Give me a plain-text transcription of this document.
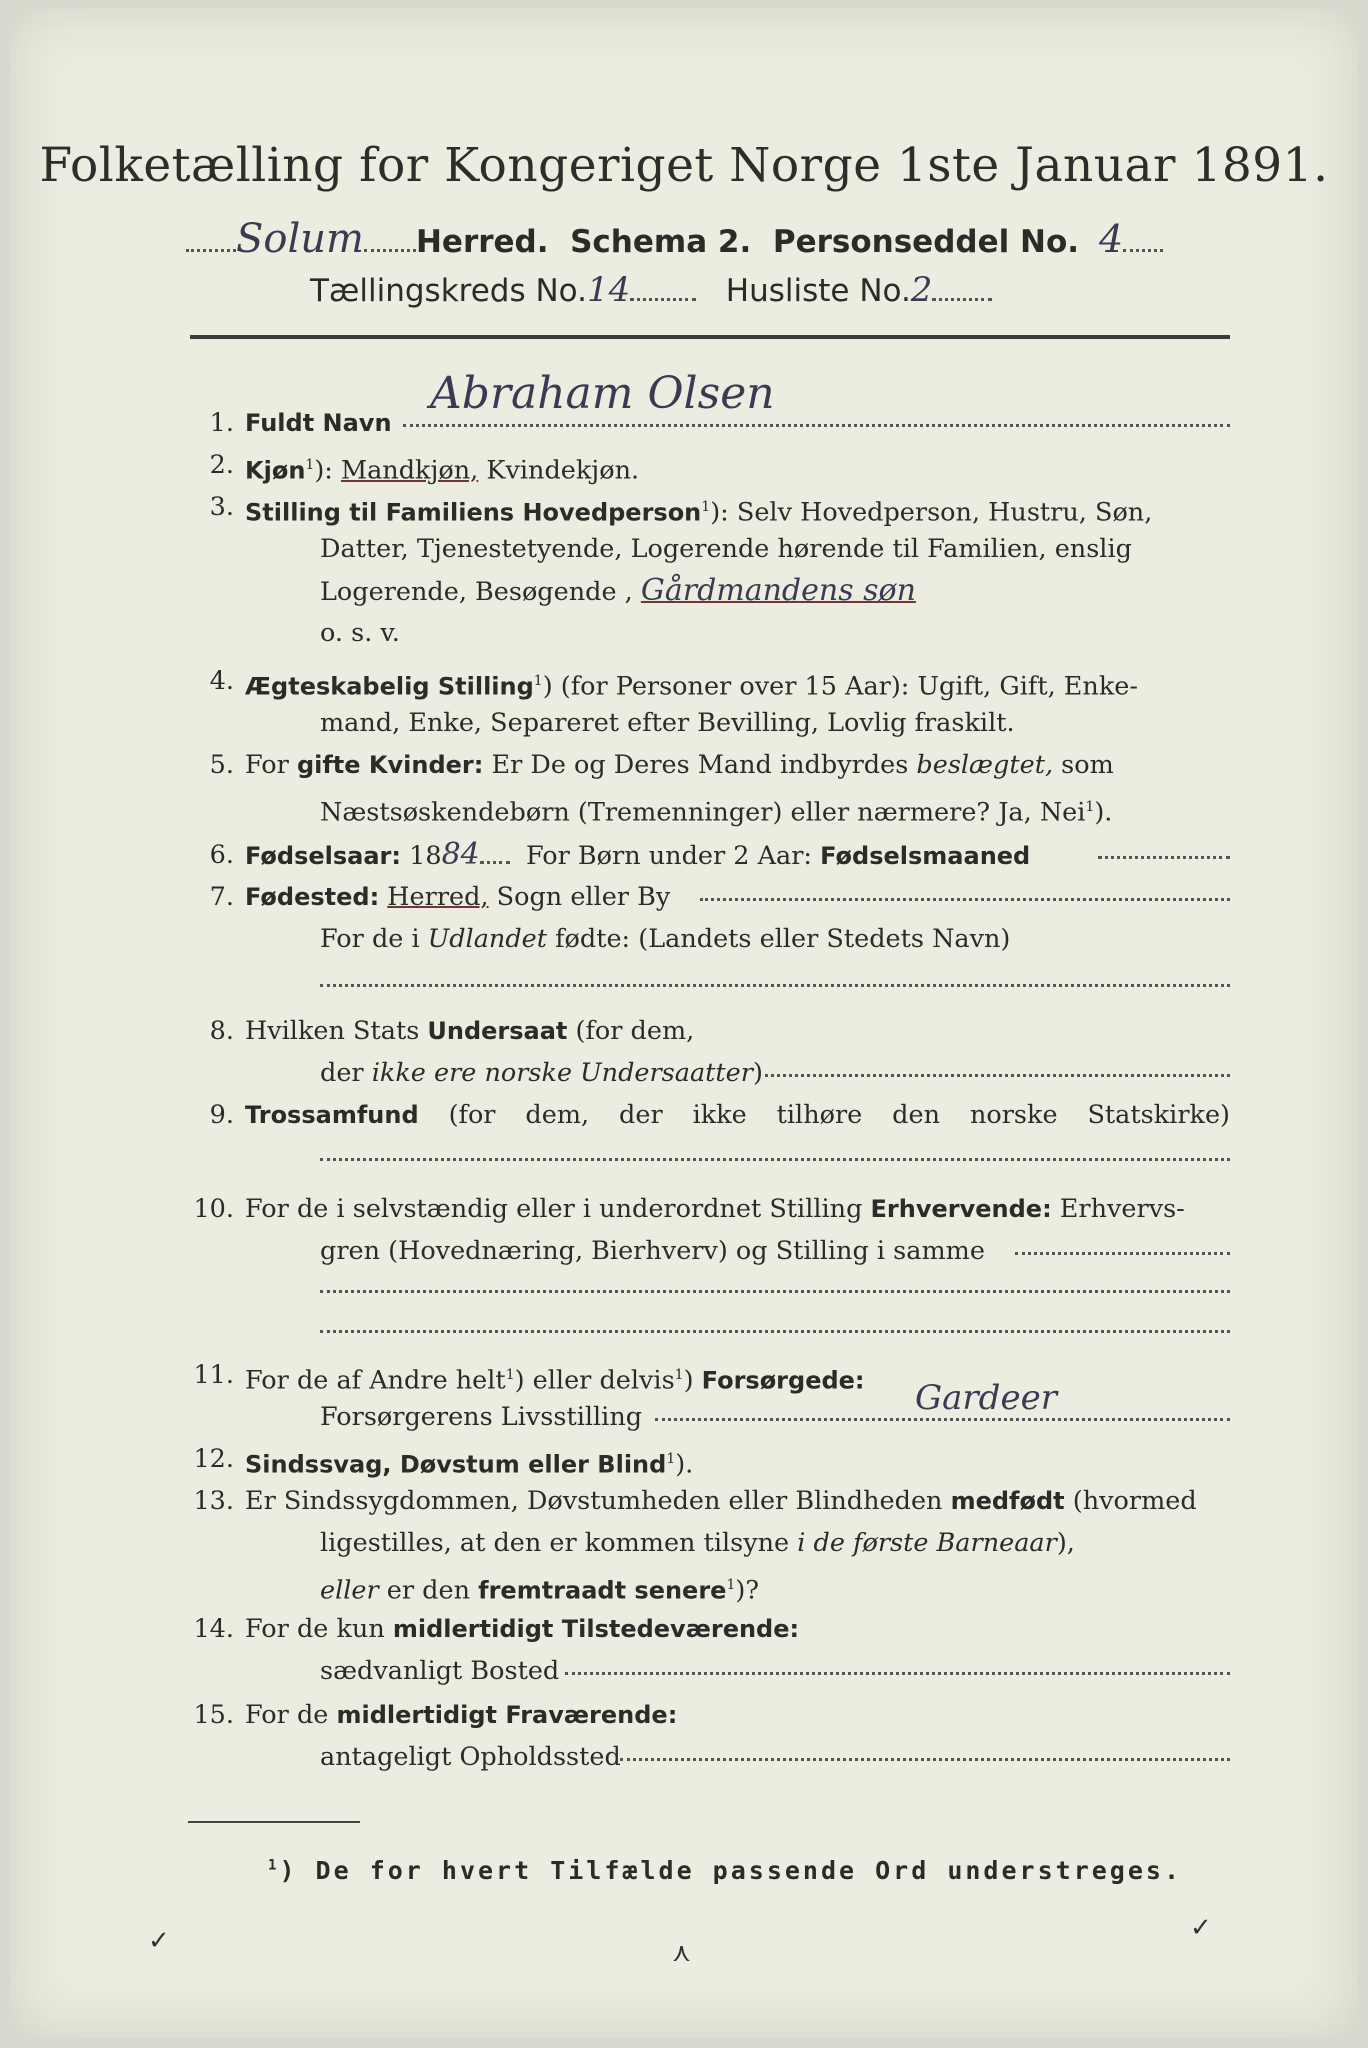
Folketælling for Kongeriget Norge 1ste Januar 1891.
Solum Herred. Schema 2. Personseddel No. 4
Tællingskreds No.14	Husliste No.2
1. Fuldt Navn
Abraham Olsen
2. Kjøn$^1$): Mandkjøn, Kvindekjøn.
3. Stilling til Familiens Hovedperson$^1$): Selv Hovedperson, Hustru, Søn,
Datter, Tjenestetyende, Logerende hørende til Familien, enslig
Logerende, Besøgende , Gårdmandens søn
o. s. v.
4. Ægteskabelig Stilling$^1$) (for Personer over 15 Aar): Ugift, Gift, Enke-
mand, Enke, Separeret efter Bevilling, Lovlig fraskilt.
5. For gifte Kvinder: Er De og Deres Mand indbyrdes beslægtet, som
Næstsøskendebørn (Tremenninger) eller nærmere? Ja, Nei$^1$).
6. Fødselsaar: 1884 For Børn under 2 Aar: Fødselsmaaned
7. Fødested: Herred, Sogn eller By
For de i Udlandet fødte: (Landets eller Stedets Navn)
8. Hvilken Stats Undersaat (for dem,
der ikke ere norske Undersaatter)
9. Trossamfund (for dem, der ikke tilhøre den norske Statskirke)
10. For de i selvstændig eller i underordnet Stilling Erhvervende: Erhvervs-
gren (Hovednæring, Bierhverv) og Stilling i samme
11. For de af Andre helt$^1$) eller delvis$^1$) Forsørgede:
Forsørgerens Livsstilling	Gardeer
12. Sindssvag, Døvstum eller Blind$^1$).
13. Er Sindssygdommen, Døvstumheden eller Blindheden medfødt (hvormed
ligestilles, at den er kommen tilsyne i de første Barneaar),
eller er den fremtraadt senere$^1$)?
14. For de kun midlertidigt Tilstedeværende:
sædvanligt Bosted
15. For de midlertidigt Fraværende:
antageligt Opholdssted
$^1$) De for hvert Tilfælde passende Ord understreges.
✓	⋏
✓
